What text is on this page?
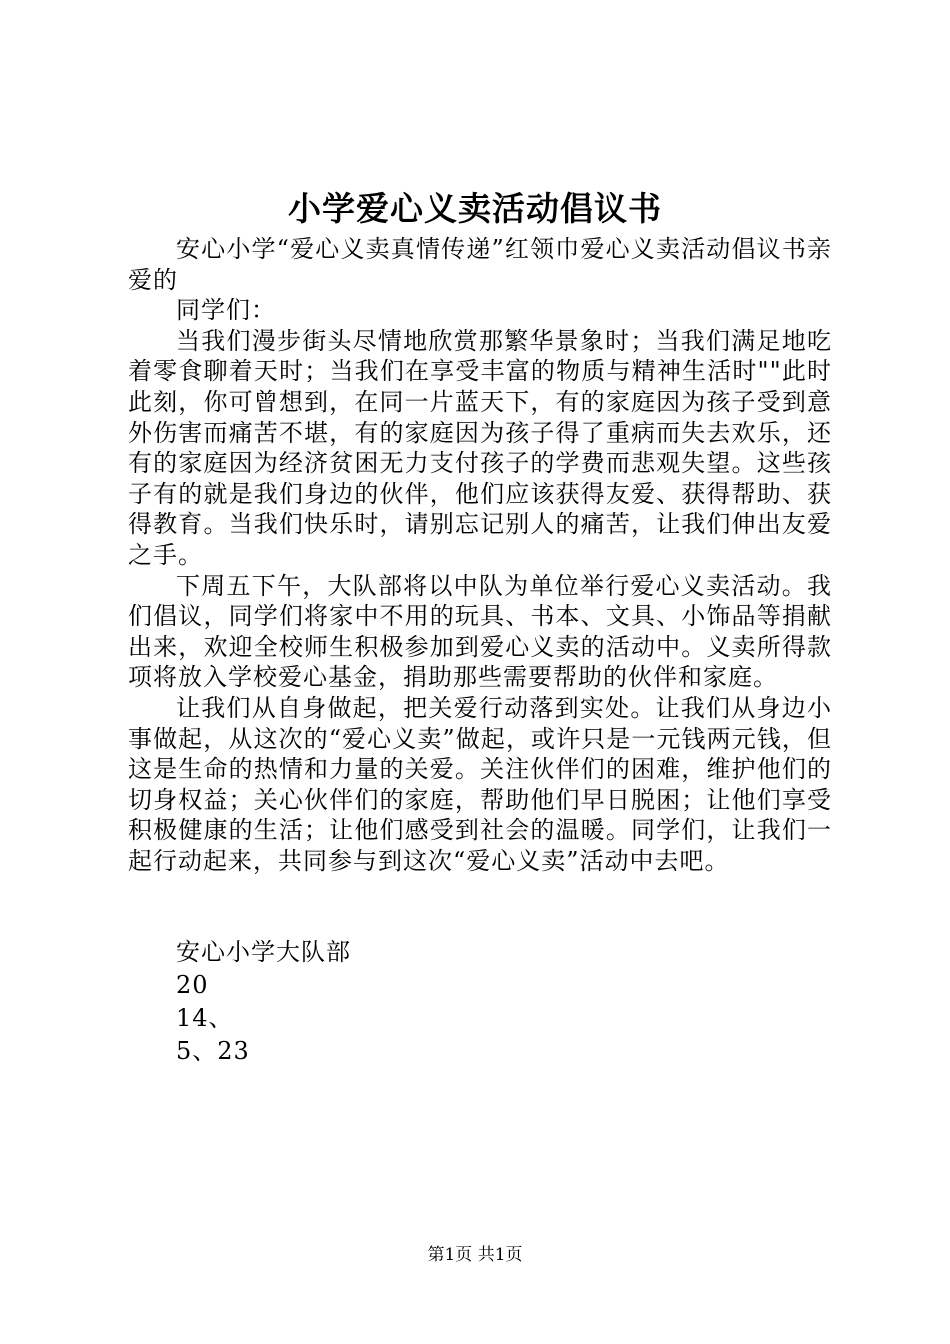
小学爱心义卖活动倡议书

安心小学“爱心义卖真情传递”红领巾爱心义卖活动倡议书亲爱的

同学们：

当我们漫步街头尽情地欣赏那繁华景象时；当我们满足地吃着零食聊着天时；当我们在享受丰富的物质与精神生活时""此时此刻，你可曾想到，在同一片蓝天下，有的家庭因为孩子受到意外伤害而痛苦不堪，有的家庭因为孩子得了重病而失去欢乐，还有的家庭因为经济贫困无力支付孩子的学费而悲观失望。这些孩子有的就是我们身边的伙伴，他们应该获得友爱、获得帮助、获得教育。当我们快乐时，请别忘记别人的痛苦，让我们伸出友爱之手。

下周五下午，大队部将以中队为单位举行爱心义卖活动。我们倡议，同学们将家中不用的玩具、书本、文具、小饰品等捐献出来，欢迎全校师生积极参加到爱心义卖的活动中。义卖所得款项将放入学校爱心基金，捐助那些需要帮助的伙伴和家庭。

让我们从自身做起，把关爱行动落到实处。让我们从身边小事做起，从这次的“爱心义卖”做起，或许只是一元钱两元钱，但这是生命的热情和力量的关爱。关注伙伴们的困难，维护他们的切身权益；关心伙伴们的家庭，帮助他们早日脱困；让他们享受积极健康的生活；让他们感受到社会的温暖。同学们，让我们一起行动起来，共同参与到这次“爱心义卖”活动中去吧。

安心小学大队部
20
14、
5、23
第1页 共1页
